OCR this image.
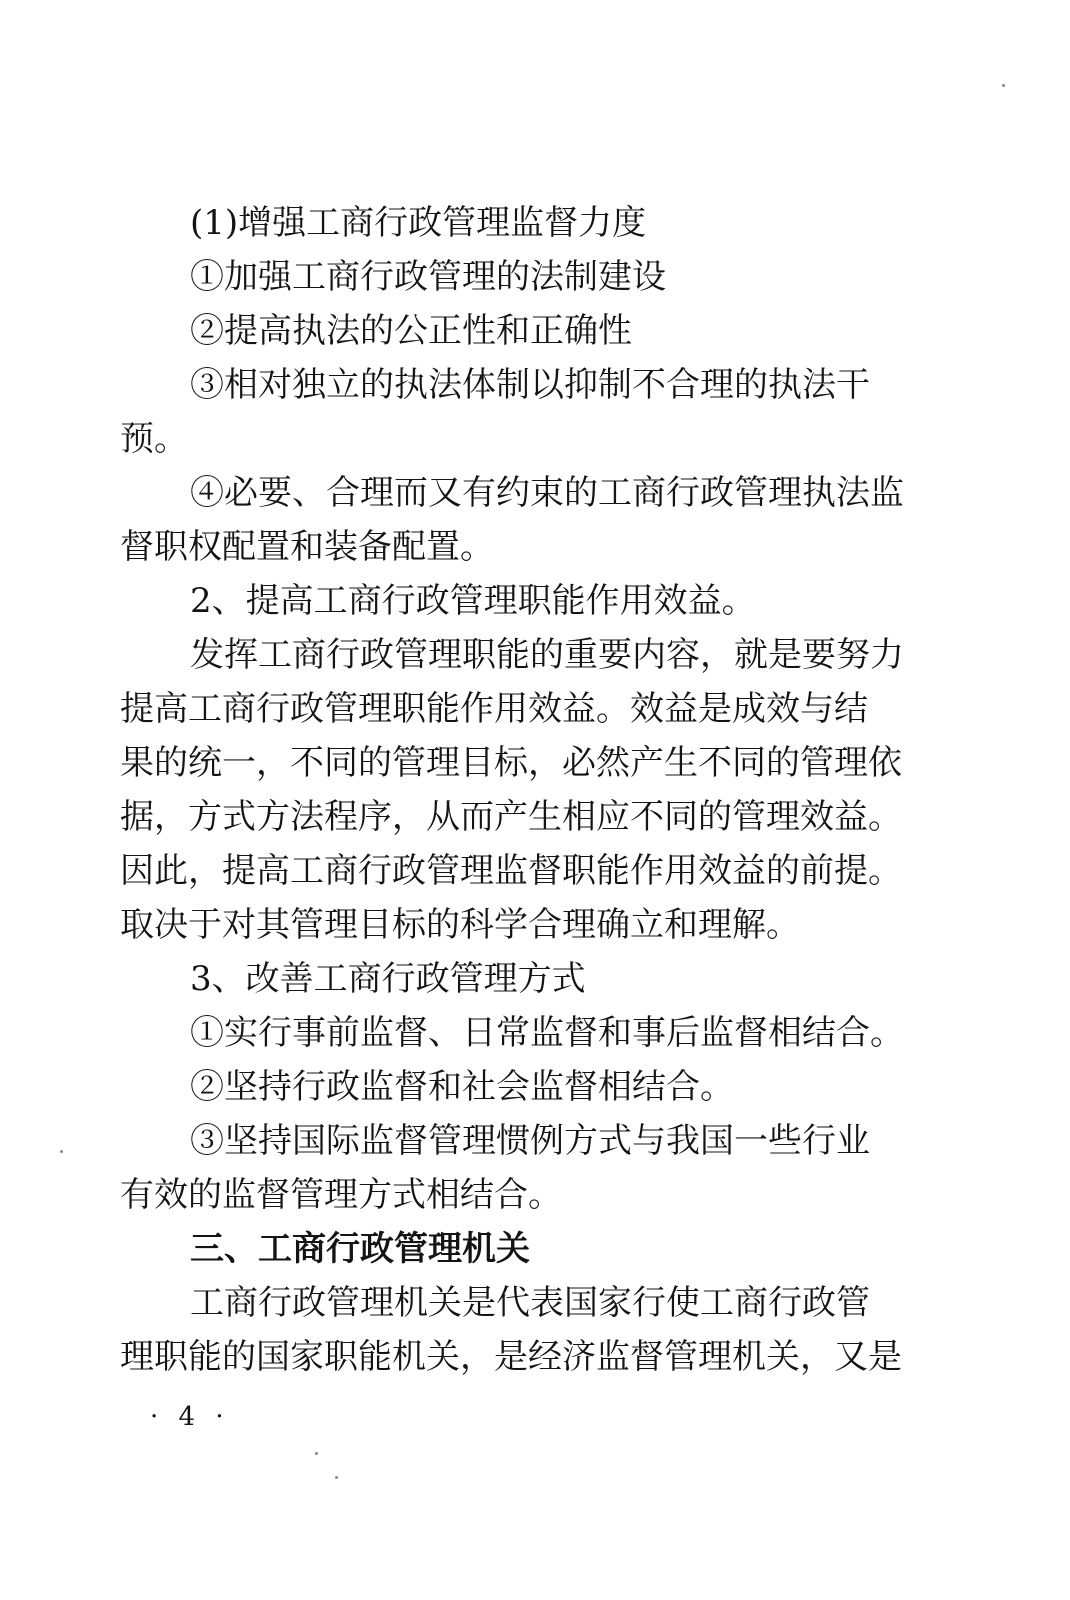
(1)增强工商行政管理监督力度
①加强工商行政管理的法制建设
②提高执法的公正性和正确性
③相对独立的执法体制以抑制不合理的执法干
预。
④必要、合理而又有约束的工商行政管理执法监
督职权配置和装备配置。
2、提高工商行政管理职能作用效益。
发挥工商行政管理职能的重要内容，就是要努力
提高工商行政管理职能作用效益。效益是成效与结
果的统一，不同的管理目标，必然产生不同的管理依
据，方式方法程序，从而产生相应不同的管理效益。
因此，提高工商行政管理监督职能作用效益的前提。
取决于对其管理目标的科学合理确立和理解。
3、改善工商行政管理方式
①实行事前监督、日常监督和事后监督相结合。
②坚持行政监督和社会监督相结合。
③坚持国际监督管理惯例方式与我国一些行业
有效的监督管理方式相结合。
三、工商行政管理机关
工商行政管理机关是代表国家行使工商行政管
理职能的国家职能机关，是经济监督管理机关，又是
· 4 ·
